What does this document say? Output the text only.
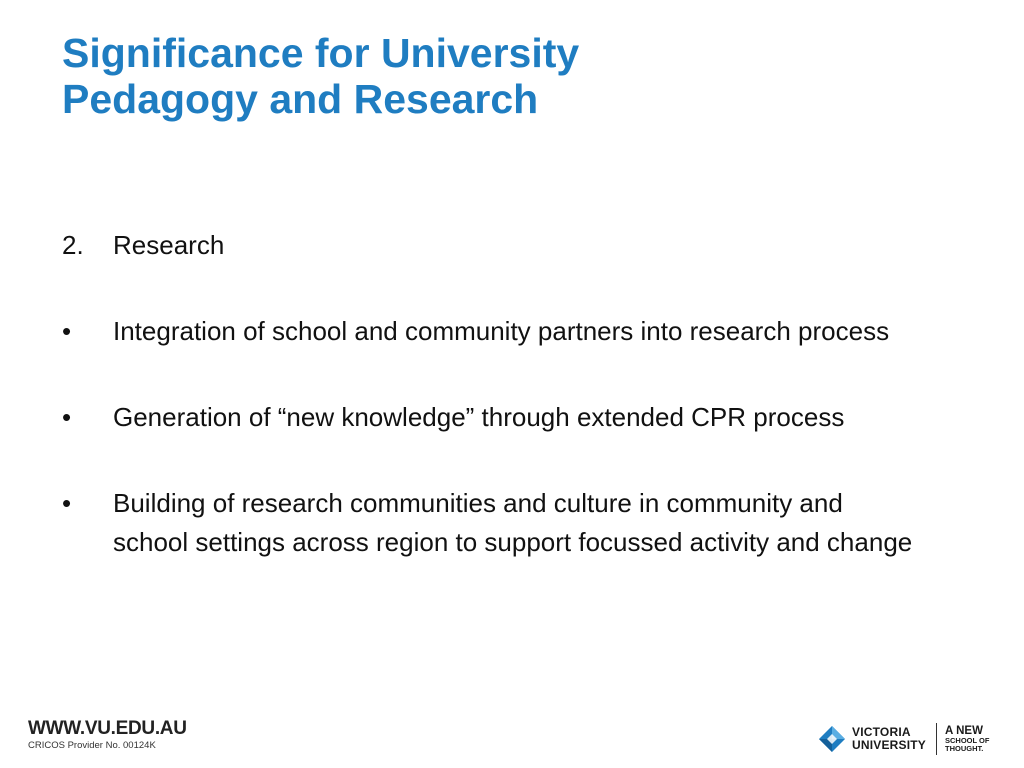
Significance for University
Pedagogy and Research
2.	Research
•	Integration of school and community partners into research process
•	Generation of “new knowledge” through extended CPR process
•	Building of research communities and culture in community and school settings across region to support focussed activity and change
WWW.VU.EDU.AU
CRICOS Provider No. 00124K
VICTORIA
UNIVERSITY
A NEW
SCHOOL OF
THOUGHT.
